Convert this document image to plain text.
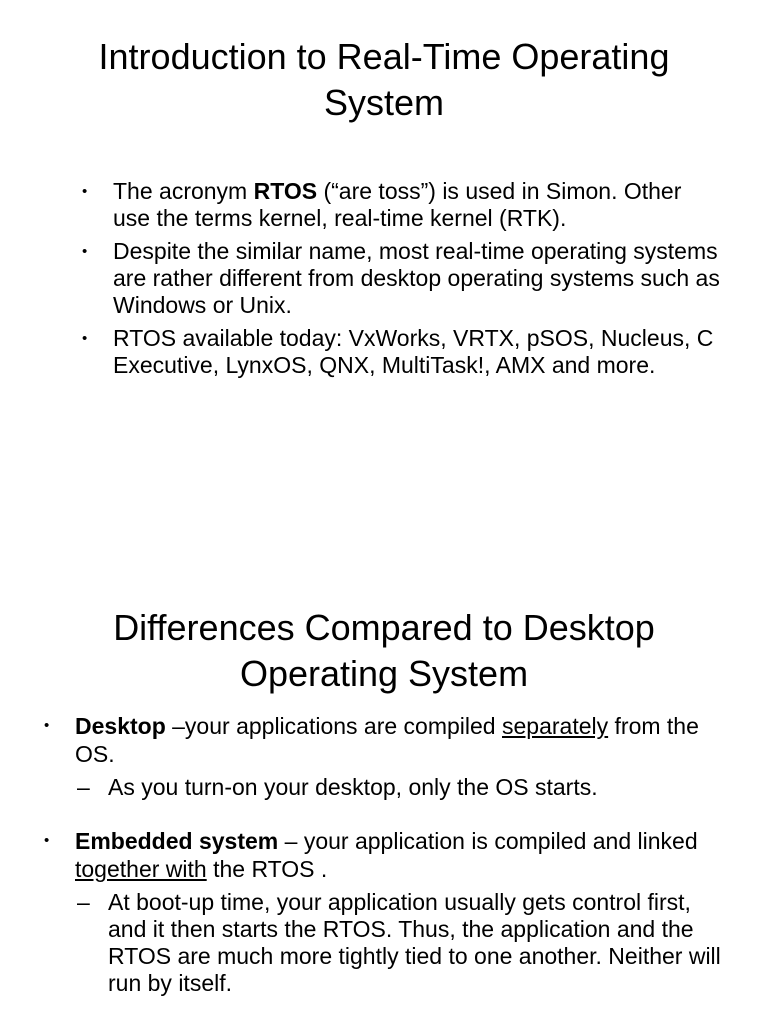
Introduction to Real-Time Operating
System
• The acronym RTOS (“are toss”) is used in Simon. Other use the terms kernel, real-time kernel (RTK).
• Despite the similar name, most real-time operating systems are rather different from desktop operating systems such as Windows or Unix.
• RTOS available today: VxWorks, VRTX, pSOS, Nucleus, C Executive, LynxOS, QNX, MultiTask!, AMX and more.
Differences Compared to Desktop
Operating System
• Desktop –your applications are compiled separately from the OS.
– As you turn-on your desktop, only the OS starts.
• Embedded system – your application is compiled and linked together with the RTOS .
– At boot-up time, your application usually gets control first, and it then starts the RTOS. Thus, the application and the RTOS are much more tightly tied to one another. Neither will run by itself.
